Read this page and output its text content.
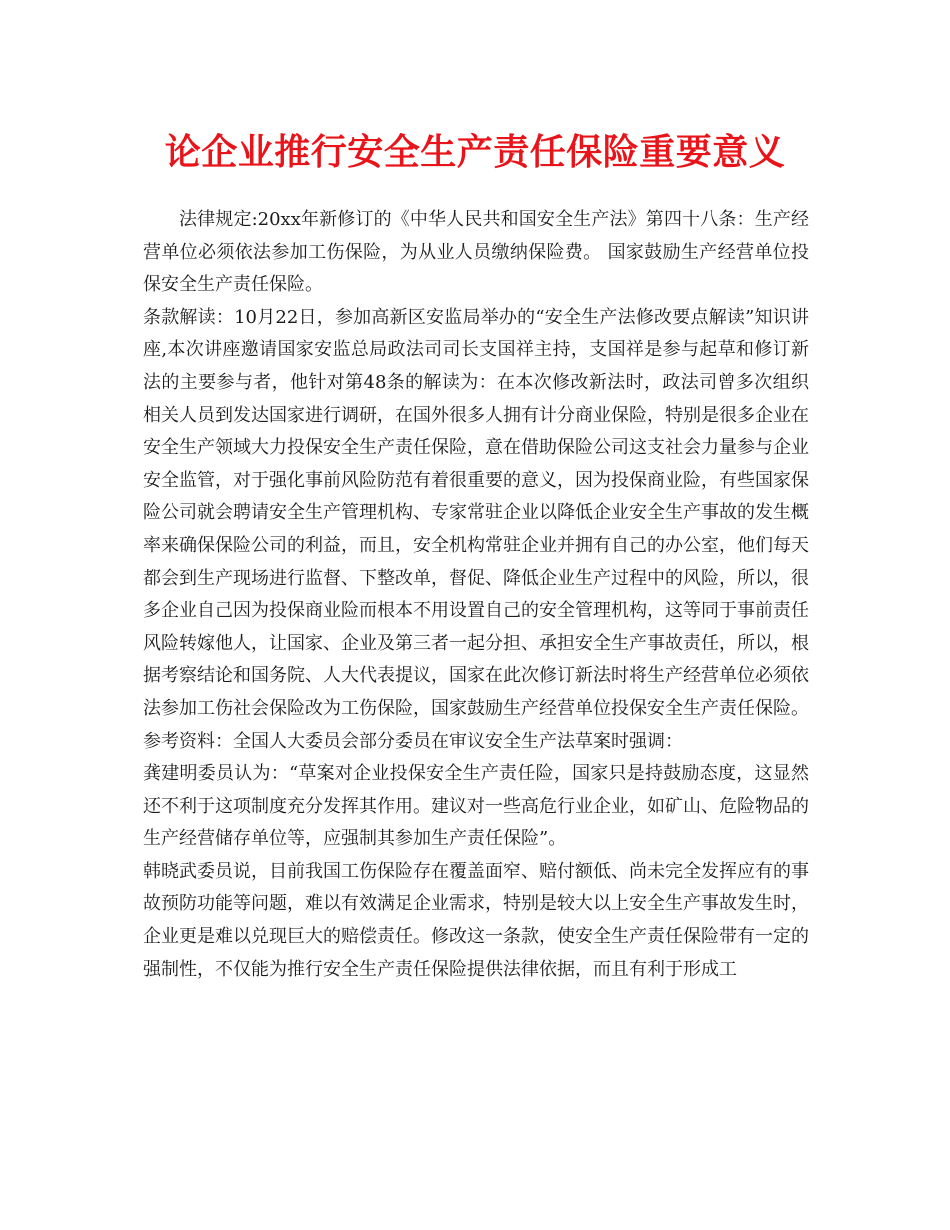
论企业推行安全生产责任保险重要意义

法律规定:20xx年新修订的《中华人民共和国安全生产法》第四十八条：生产经营单位必须依法参加工伤保险，为从业人员缴纳保险费。 国家鼓励生产经营单位投保安全生产责任保险。

条款解读：10月22日，参加高新区安监局举办的“安全生产法修改要点解读”知识讲座,本次讲座邀请国家安监总局政法司司长支国祥主持，支国祥是参与起草和修订新法的主要参与者，他针对第48条的解读为：在本次修改新法时，政法司曾多次组织相关人员到发达国家进行调研，在国外很多人拥有计分商业保险，特别是很多企业在安全生产领域大力投保安全生产责任保险，意在借助保险公司这支社会力量参与企业安全监管，对于强化事前风险防范有着很重要的意义，因为投保商业险，有些国家保险公司就会聘请安全生产管理机构、专家常驻企业以降低企业安全生产事故的发生概率来确保保险公司的利益，而且，安全机构常驻企业并拥有自己的办公室，他们每天都会到生产现场进行监督、下整改单，督促、降低企业生产过程中的风险，所以，很多企业自己因为投保商业险而根本不用设置自己的安全管理机构，这等同于事前责任风险转嫁他人，让国家、企业及第三者一起分担、承担安全生产事故责任，所以，根据考察结论和国务院、人大代表提议，国家在此次修订新法时将生产经营单位必须依法参加工伤社会保险改为工伤保险，国家鼓励生产经营单位投保安全生产责任保险。

参考资料：全国人大委员会部分委员在审议安全生产法草案时强调：

龚建明委员认为：“草案对企业投保安全生产责任险，国家只是持鼓励态度，这显然还不利于这项制度充分发挥其作用。建议对一些高危行业企业，如矿山、危险物品的生产经营储存单位等，应强制其参加生产责任保险”。

韩晓武委员说，目前我国工伤保险存在覆盖面窄、赔付额低、尚未完全发挥应有的事故预防功能等问题，难以有效满足企业需求，特别是较大以上安全生产事故发生时，企业更是难以兑现巨大的赔偿责任。修改这一条款，使安全生产责任保险带有一定的强制性，不仅能为推行安全生产责任保险提供法律依据，而且有利于形成工
